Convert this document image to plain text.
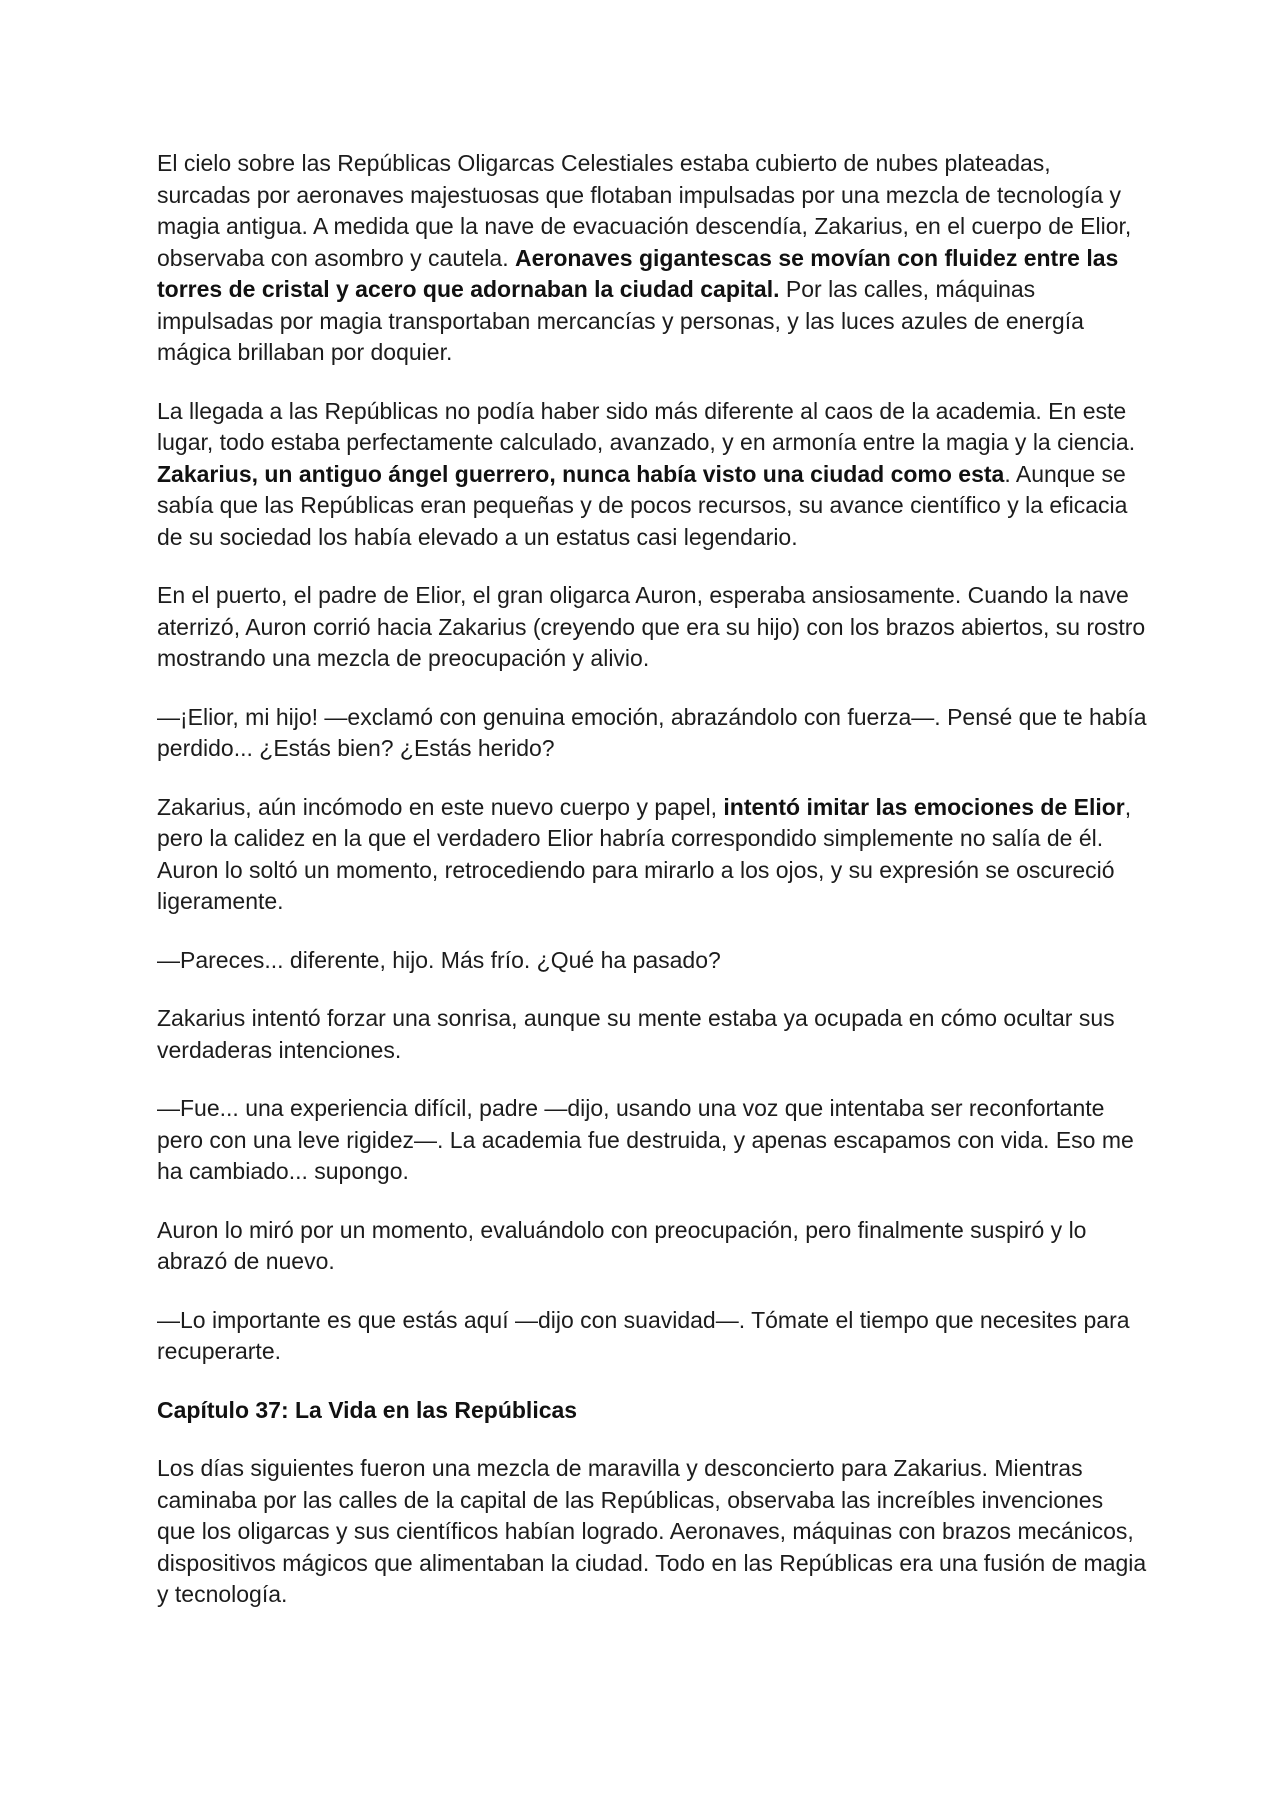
El cielo sobre las Repúblicas Oligarcas Celestiales estaba cubierto de nubes plateadas, surcadas por aeronaves majestuosas que flotaban impulsadas por una mezcla de tecnología y magia antigua. A medida que la nave de evacuación descendía, Zakarius, en el cuerpo de Elior, observaba con asombro y cautela. Aeronaves gigantescas se movían con fluidez entre las torres de cristal y acero que adornaban la ciudad capital. Por las calles, máquinas impulsadas por magia transportaban mercancías y personas, y las luces azules de energía mágica brillaban por doquier.

La llegada a las Repúblicas no podía haber sido más diferente al caos de la academia. En este lugar, todo estaba perfectamente calculado, avanzado, y en armonía entre la magia y la ciencia. Zakarius, un antiguo ángel guerrero, nunca había visto una ciudad como esta. Aunque se sabía que las Repúblicas eran pequeñas y de pocos recursos, su avance científico y la eficacia de su sociedad los había elevado a un estatus casi legendario.

En el puerto, el padre de Elior, el gran oligarca Auron, esperaba ansiosamente. Cuando la nave aterrizó, Auron corrió hacia Zakarius (creyendo que era su hijo) con los brazos abiertos, su rostro mostrando una mezcla de preocupación y alivio.

—¡Elior, mi hijo! —exclamó con genuina emoción, abrazándolo con fuerza—. Pensé que te había perdido... ¿Estás bien? ¿Estás herido?

Zakarius, aún incómodo en este nuevo cuerpo y papel, intentó imitar las emociones de Elior, pero la calidez en la que el verdadero Elior habría correspondido simplemente no salía de él. Auron lo soltó un momento, retrocediendo para mirarlo a los ojos, y su expresión se oscureció ligeramente.

—Pareces... diferente, hijo. Más frío. ¿Qué ha pasado?

Zakarius intentó forzar una sonrisa, aunque su mente estaba ya ocupada en cómo ocultar sus verdaderas intenciones.

—Fue... una experiencia difícil, padre —dijo, usando una voz que intentaba ser reconfortante pero con una leve rigidez—. La academia fue destruida, y apenas escapamos con vida. Eso me ha cambiado... supongo.

Auron lo miró por un momento, evaluándolo con preocupación, pero finalmente suspiró y lo abrazó de nuevo.

—Lo importante es que estás aquí —dijo con suavidad—. Tómate el tiempo que necesites para recuperarte.

Capítulo 37: La Vida en las Repúblicas

Los días siguientes fueron una mezcla de maravilla y desconcierto para Zakarius. Mientras caminaba por las calles de la capital de las Repúblicas, observaba las increíbles invenciones que los oligarcas y sus científicos habían logrado. Aeronaves, máquinas con brazos mecánicos, dispositivos mágicos que alimentaban la ciudad. Todo en las Repúblicas era una fusión de magia y tecnología.
